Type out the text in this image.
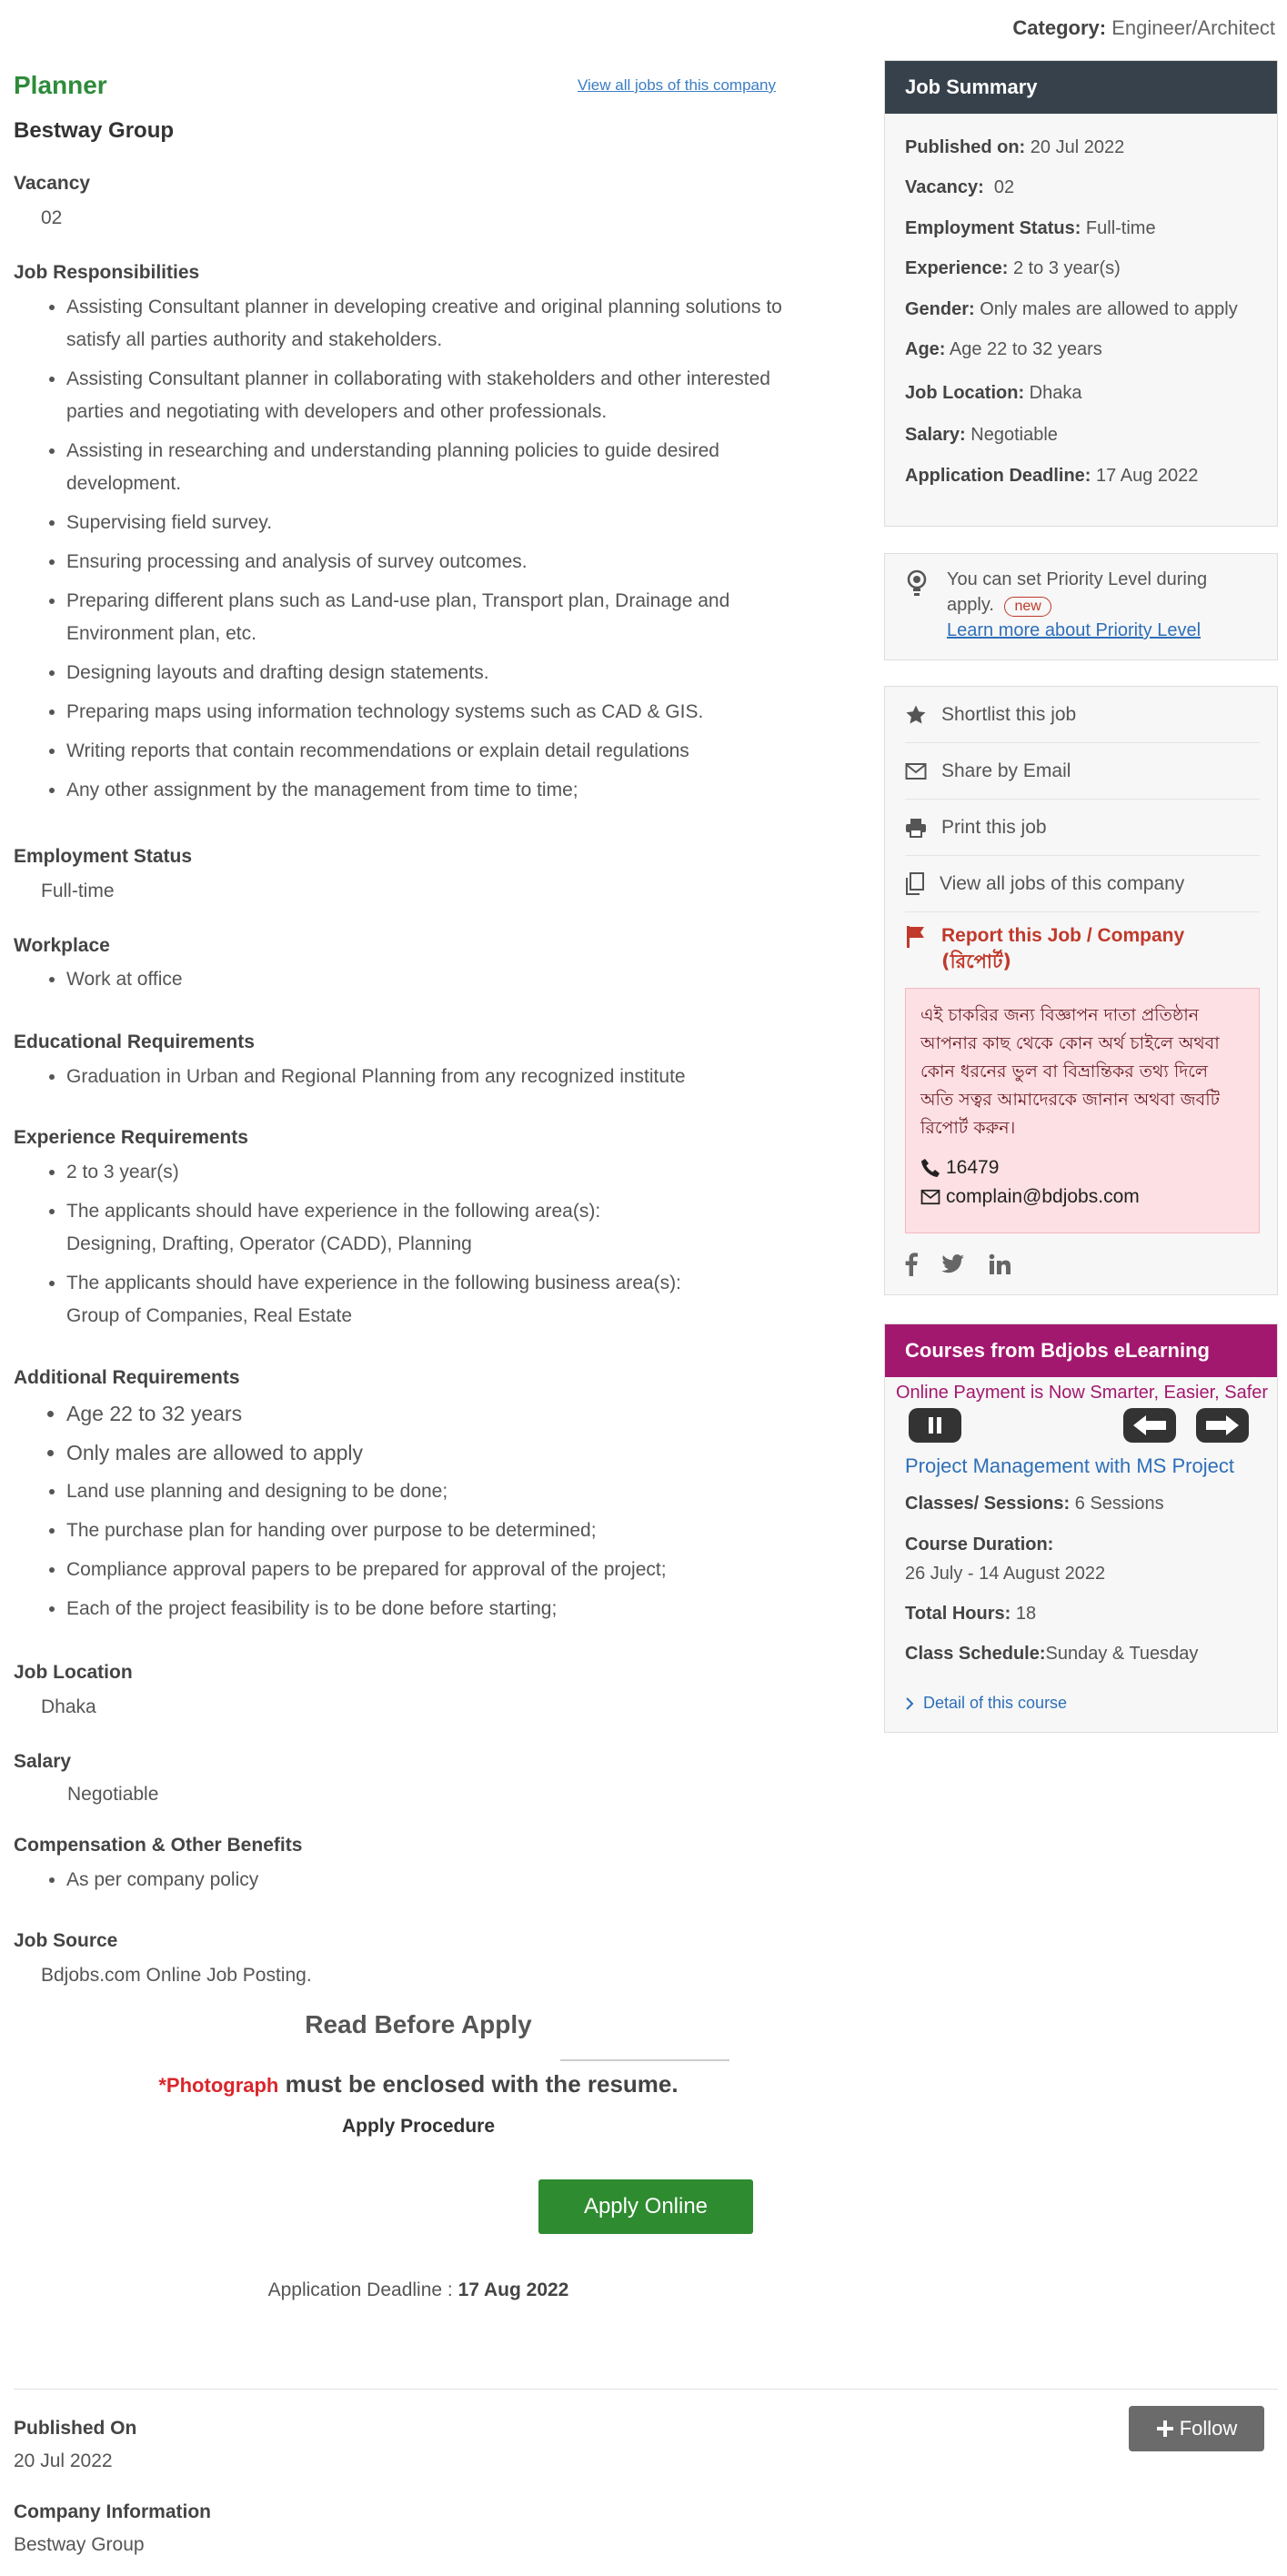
Category: Engineer/Architect
Planner
Bestway Group
View all jobs of this company
Vacancy
02
Job Responsibilities
• Assisting Consultant planner in developing creative and original planning solutions to satisfy all parties authority and stakeholders.
• Assisting Consultant planner in collaborating with stakeholders and other interested parties and negotiating with developers and other professionals.
• Assisting in researching and understanding planning policies to guide desired development.
• Supervising field survey.
• Ensuring processing and analysis of survey outcomes.
• Preparing different plans such as Land-use plan, Transport plan, Drainage and Environment plan, etc.
• Designing layouts and drafting design statements.
• Preparing maps using information technology systems such as CAD & GIS.
• Writing reports that contain recommendations or explain detail regulations
• Any other assignment by the management from time to time;
Employment Status
Full-time
Workplace
• Work at office
Educational Requirements
• Graduation in Urban and Regional Planning from any recognized institute
Experience Requirements
• 2 to 3 year(s)
• The applicants should have experience in the following area(s):
Designing, Drafting, Operator (CADD), Planning
• The applicants should have experience in the following business area(s):
Group of Companies, Real Estate
Additional Requirements
• Age 22 to 32 years
• Only males are allowed to apply
• Land use planning and designing to be done;
• The purchase plan for handing over purpose to be determined;
• Compliance approval papers to be prepared for approval of the project;
• Each of the project feasibility is to be done before starting;
Job Location
Dhaka
Salary
Negotiable
Compensation & Other Benefits
• As per company policy
Job Source
Bdjobs.com Online Job Posting.
Read Before Apply
*Photograph must be enclosed with the resume.
Apply Procedure
Apply Online
Application Deadline : 17 Aug 2022
Published On
20 Jul 2022
Company Information
Bestway Group
Follow
Job Summary
Published on: 20 Jul 2022
Vacancy:  02
Employment Status: Full-time
Experience: 2 to 3 year(s)
Gender: Only males are allowed to apply
Age: Age 22 to 32 years
Job Location: Dhaka
Salary: Negotiable
Application Deadline: 17 Aug 2022
You can set Priority Level during apply. new
Learn more about Priority Level
Shortlist this job
Share by Email
Print this job
View all jobs of this company
Report this Job / Company
(রিপোর্ট)
এই চাকরির জন্য বিজ্ঞাপন দাতা প্রতিষ্ঠান আপনার কাছ থেকে কোন অর্থ চাইলে অথবা কোন ধরনের ভুল বা বিভ্রান্তিকর তথ্য দিলে অতি সত্বর আমাদেরকে জানান অথবা জবটি রিপোর্ট করুন।
16479
complain@bdjobs.com
Courses from Bdjobs eLearning
Online Payment is Now Smarter, Easier, Safer
Project Management with MS Project
Classes/ Sessions: 6 Sessions
Course Duration:
26 July - 14 August 2022
Total Hours: 18
Class Schedule:Sunday & Tuesday
Detail of this course
